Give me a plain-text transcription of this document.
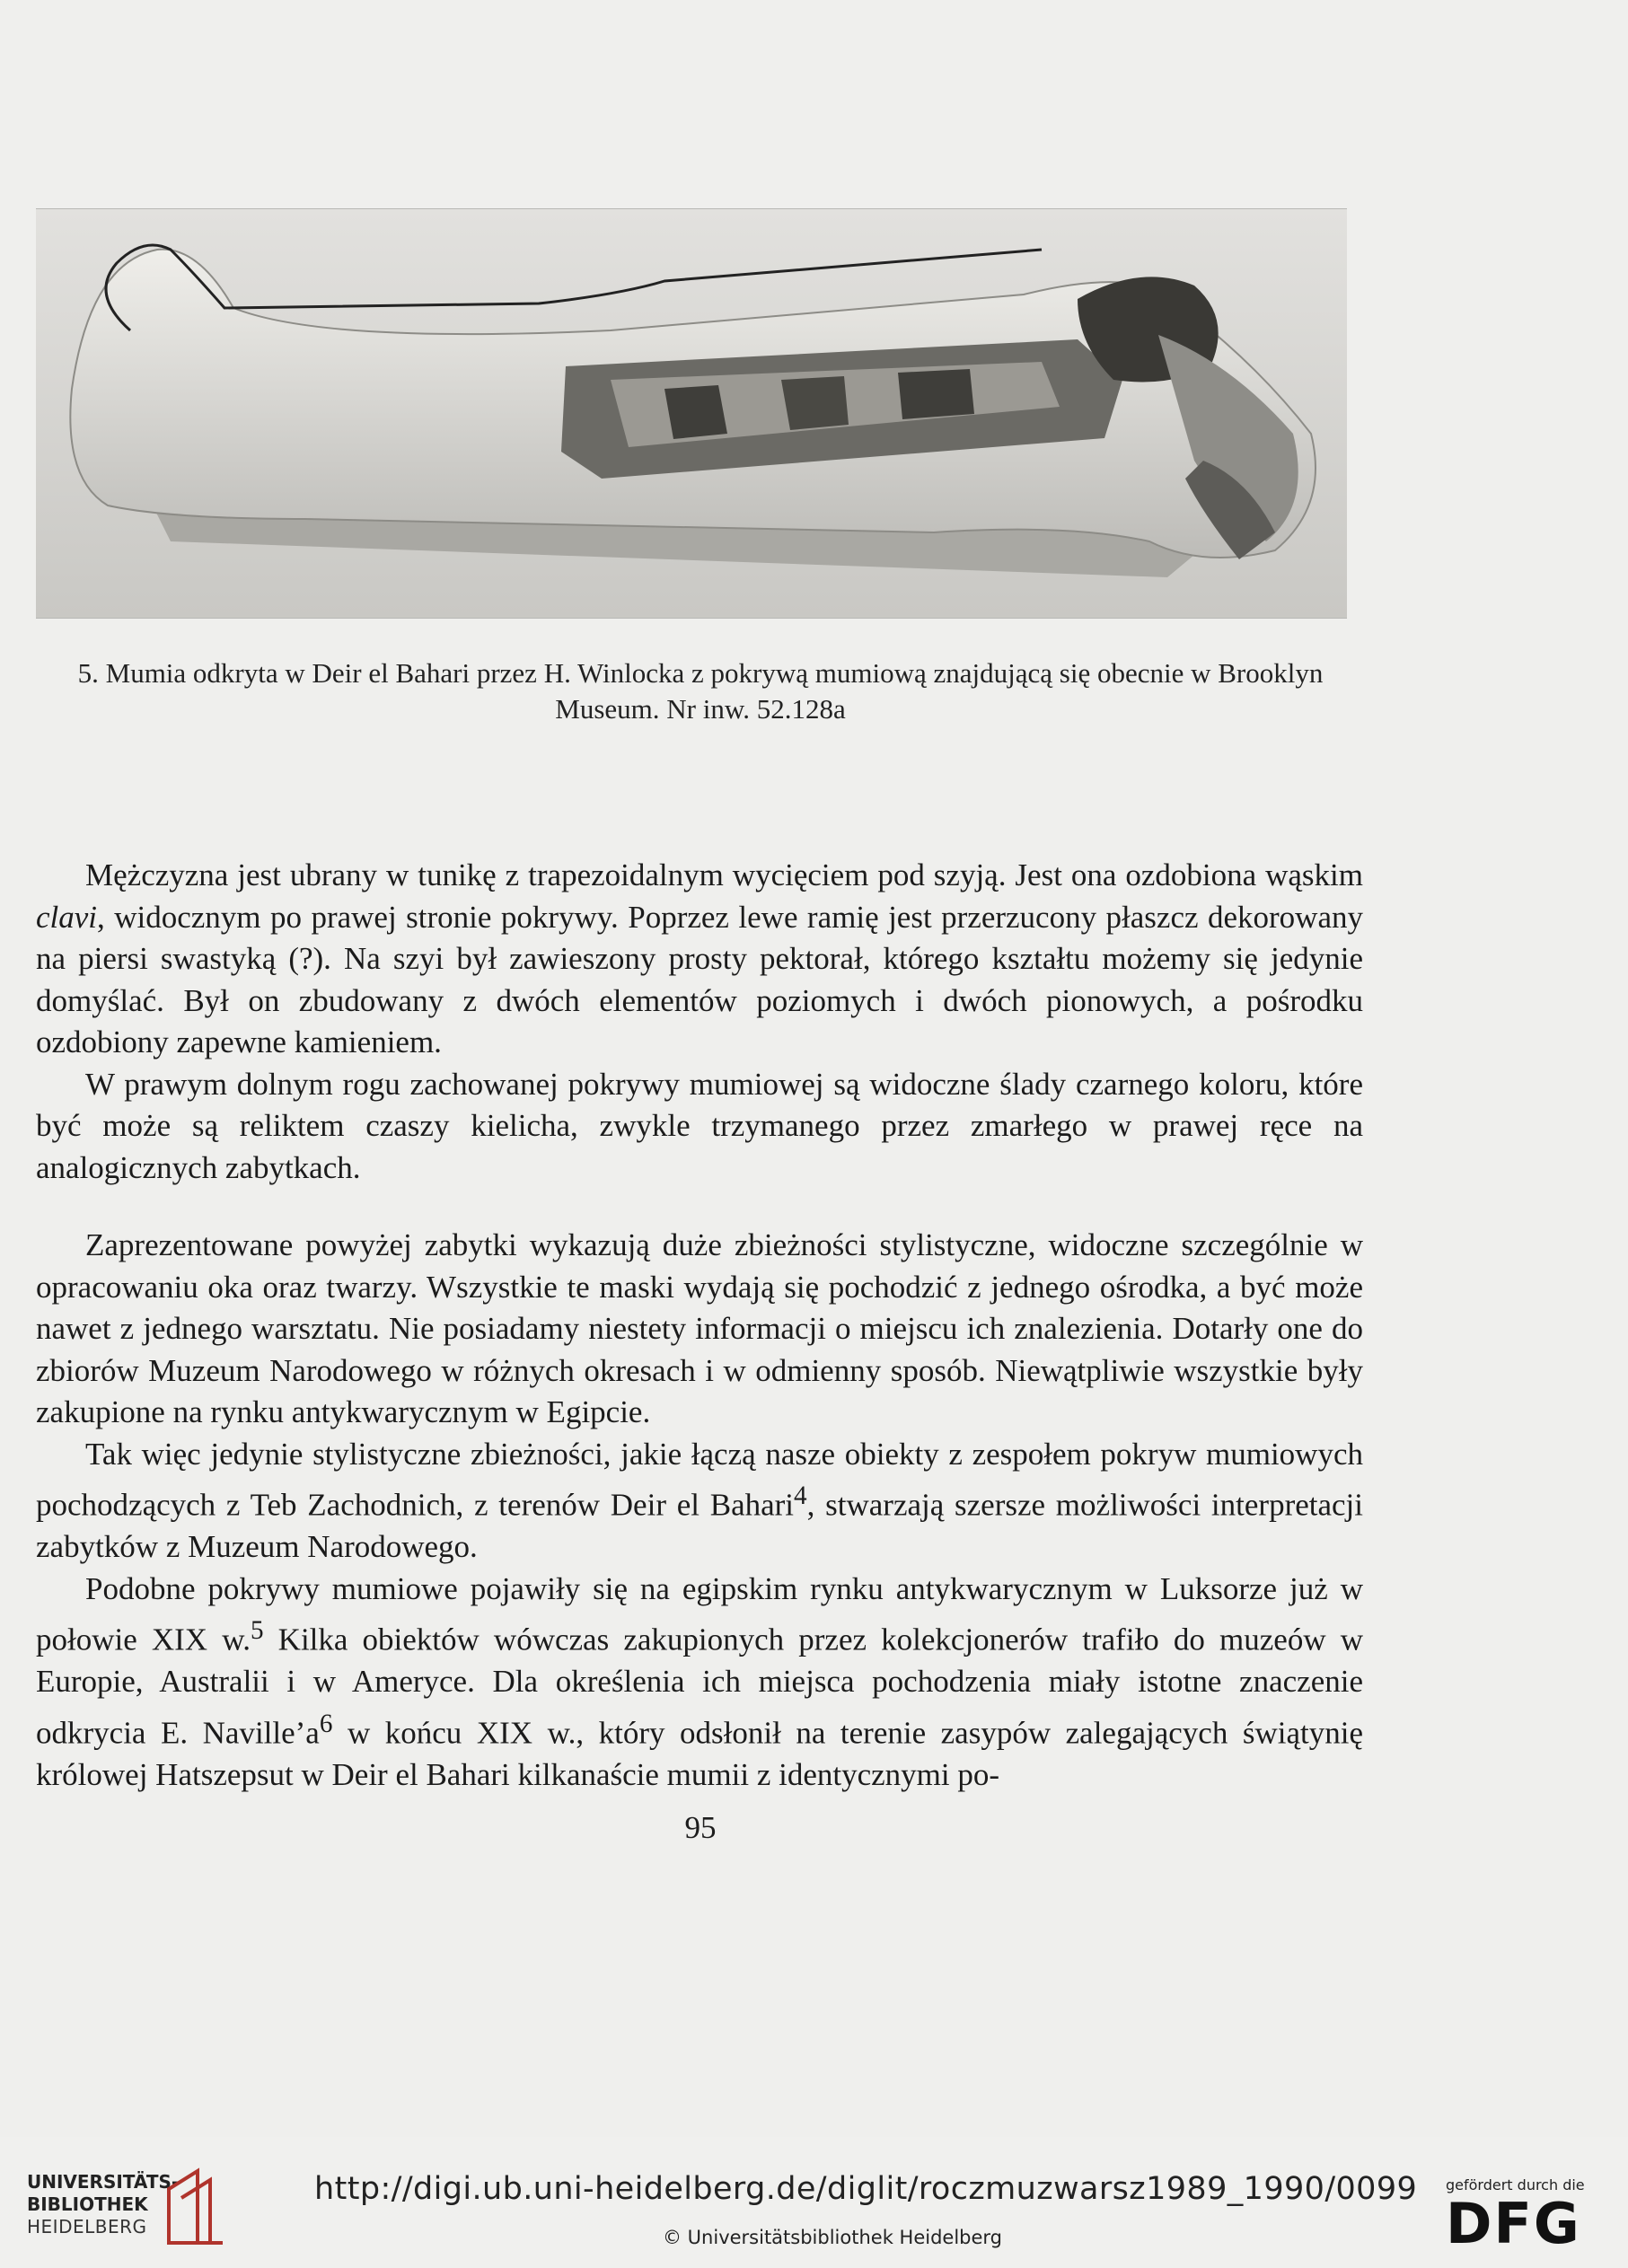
5. Mumia odkryta w Deir el Bahari przez H. Winlocka z pokrywą mumiową znajdującą się obecnie w Brooklyn
Museum. Nr inw. 52.128a

Mężczyzna jest ubrany w tunikę z trapezoidalnym wycięciem pod szyją. Jest ona ozdobiona wąskim clavi, widocznym po prawej stronie pokrywy. Poprzez lewe ramię jest przerzucony płaszcz dekorowany na piersi swastyką (?). Na szyi był zawieszony prosty pektorał, którego kształtu możemy się jedynie domyślać. Był on zbudowany z dwóch elementów poziomych i dwóch pionowych, a pośrodku ozdobiony zapewne kamieniem.

W prawym dolnym rogu zachowanej pokrywy mumiowej są widoczne ślady czarnego koloru, które być może są reliktem czaszy kielicha, zwykle trzymanego przez zmarłego w prawej ręce na analogicznych zabytkach.

Zaprezentowane powyżej zabytki wykazują duże zbieżności stylistyczne, widoczne szczególnie w opracowaniu oka oraz twarzy. Wszystkie te maski wydają się pochodzić z jednego ośrodka, a być może nawet z jednego warsztatu. Nie posiadamy niestety informacji o miejscu ich znalezienia. Dotarły one do zbiorów Muzeum Narodowego w różnych okresach i w odmienny sposób. Niewątpliwie wszystkie były zakupione na rynku antykwarycznym w Egipcie.

Tak więc jedynie stylistyczne zbieżności, jakie łączą nasze obiekty z zespołem pokryw mumiowych pochodzących z Teb Zachodnich, z terenów Deir el Bahari$^4$, stwarzają szersze możliwości interpretacji zabytków z Muzeum Narodowego.

Podobne pokrywy mumiowe pojawiły się na egipskim rynku antykwarycznym w Luksorze już w połowie XIX w.$^5$ Kilka obiektów wówczas zakupionych przez kolekcjonerów trafiło do muzeów w Europie, Australii i w Ameryce. Dla określenia ich miejsca pochodzenia miały istotne znaczenie odkrycia E. $Naville’a^6$ w końcu XIX w., który odsłonił na terenie zasypów zalegających świątynię królowej Hatszepsut w Deir el Bahari kilkanaście mumii z identycznymi po-

95
UNIVERSITÄTS-
BIBLIOTHEK
HEIDELBERG
http://digi.ub.uni-heidelberg.de/diglit/roczmuzwarsz1989_1990/0099
© Universitätsbibliothek Heidelberg
gefördert durch die
DFG
